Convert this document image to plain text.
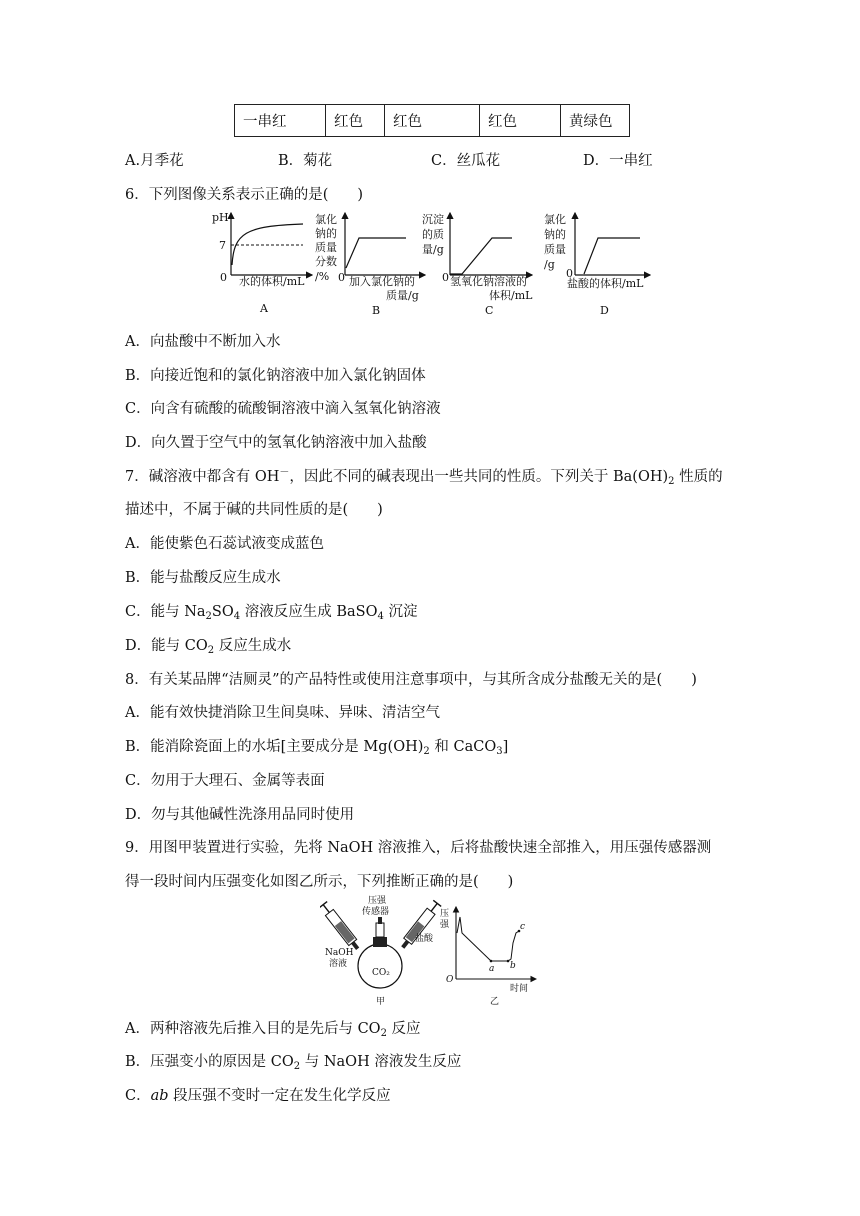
一串红	红色	红色	红色	黄绿色
A.月季花	B．菊花	C．丝瓜花	D．一串红
6．下列图像关系表示正确的是(　　)
pH
7
0 水的体积/mL
A
氯化
钠的
质量
分数
/% 0 加入氯化钠的
质量/g
B
沉淀
的质
量/g
0 氢氧化钠溶液的
体积/mL
C
氯化
钠的
质量
/g
0
盐酸的体积/mL
D
A．向盐酸中不断加入水
B．向接近饱和的氯化钠溶液中加入氯化钠固体
C．向含有硫酸的硫酸铜溶液中滴入氢氧化钠溶液
D．向久置于空气中的氢氧化钠溶液中加入盐酸
7．碱溶液中都含有 OH－，因此不同的碱表现出一些共同的性质。下列关于 $Ba(OH)_2$ 性质的
描述中，不属于碱的共同性质的是(　　)
A．能使紫色石蕊试液变成蓝色
B．能与盐酸反应生成水
C．能与 $Na_2SO_4$ 溶液反应生成 BaSO$_4$ 沉淀
D．能与 $CO_2$ 反应生成水
8．有关某品牌“洁厕灵”的产品特性或使用注意事项中，与其所含成分盐酸无关的是(　　)
A．能有效快捷消除卫生间臭味、异味、清洁空气
B．能消除瓷面上的水垢[主要成分是 $Mg(OH)_2$ 和 CaCO$_3$]
C．勿用于大理石、金属等表面
D．勿与其他碱性洗涤用品同时使用
9．用图甲装置进行实验，先将 NaOH 溶液推入，后将盐酸快速全部推入，用压强传感器测
得一段时间内压强变化如图乙所示，下列推断正确的是(　　)
压强
传感器
NaOH
溶液
盐酸
CO₂
甲
压
强
O
时间
a b
c
乙
A．两种溶液先后推入目的是先后与 $CO_2$ 反应
B．压强变小的原因是 $CO_2$ 与 NaOH 溶液发生反应
C．ab 段压强不变时一定在发生化学反应
